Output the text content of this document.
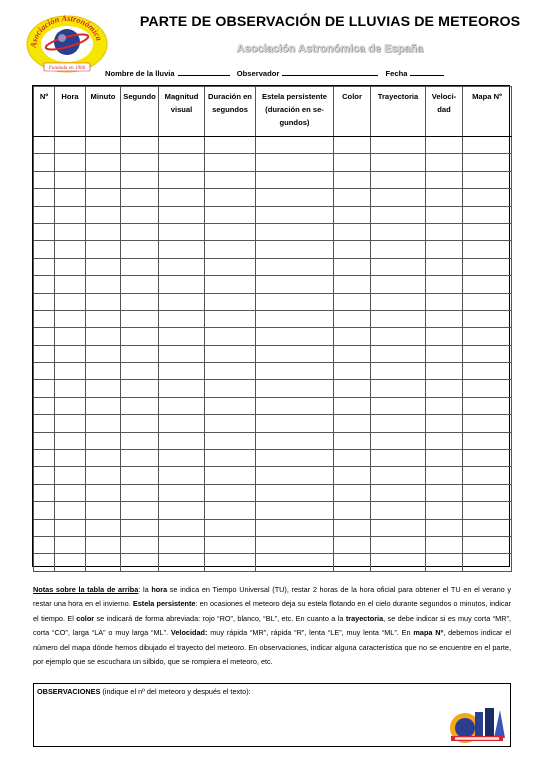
Asociación Astronómica
Fundada en 1966
PARTE DE OBSERVACIÓN DE LLUVIAS DE METEOROS
Asociación Astronómica de España
Nombre de la lluvia	Observador	Fecha
Nº	Hora	Minuto	Segundo	Magnitud visual	Duración en segundos	Estela persistente (duración en se-gundos)	Color	Trayectoria	Veloci-dad	Mapa Nº

Notas sobre la tabla de arriba: la hora se indica en Tiempo Universal (TU), restar 2 horas de la hora oficial para obtener el TU en el verano y restar una hora en el invierno. Estela persistente: en ocasiones el meteoro deja su estela flotando en el cielo durante segundos o minutos, indicar el tiempo. El color se indicará de forma abreviada: rojo “RO”, blanco, “BL”, etc. En cuanto a la trayectoria, se debe indicar si es muy corta “MR”, corta “CO”, larga “LA” o muy larga “ML”. Velocidad: muy rápida “MR”, rápida “R”, lenta “LE”, muy lenta “ML”. En mapa Nº, debemos indicar el número del mapa dónde hemos dibujado el trayecto del meteoro. En observaciones, indicar alguna característica que no se encuentre en el parte, por ejemplo que se escuchara un silbido, que se rompiera el meteoro, etc.
OBSERVACIONES (indique el nº del meteoro y después el texto):
